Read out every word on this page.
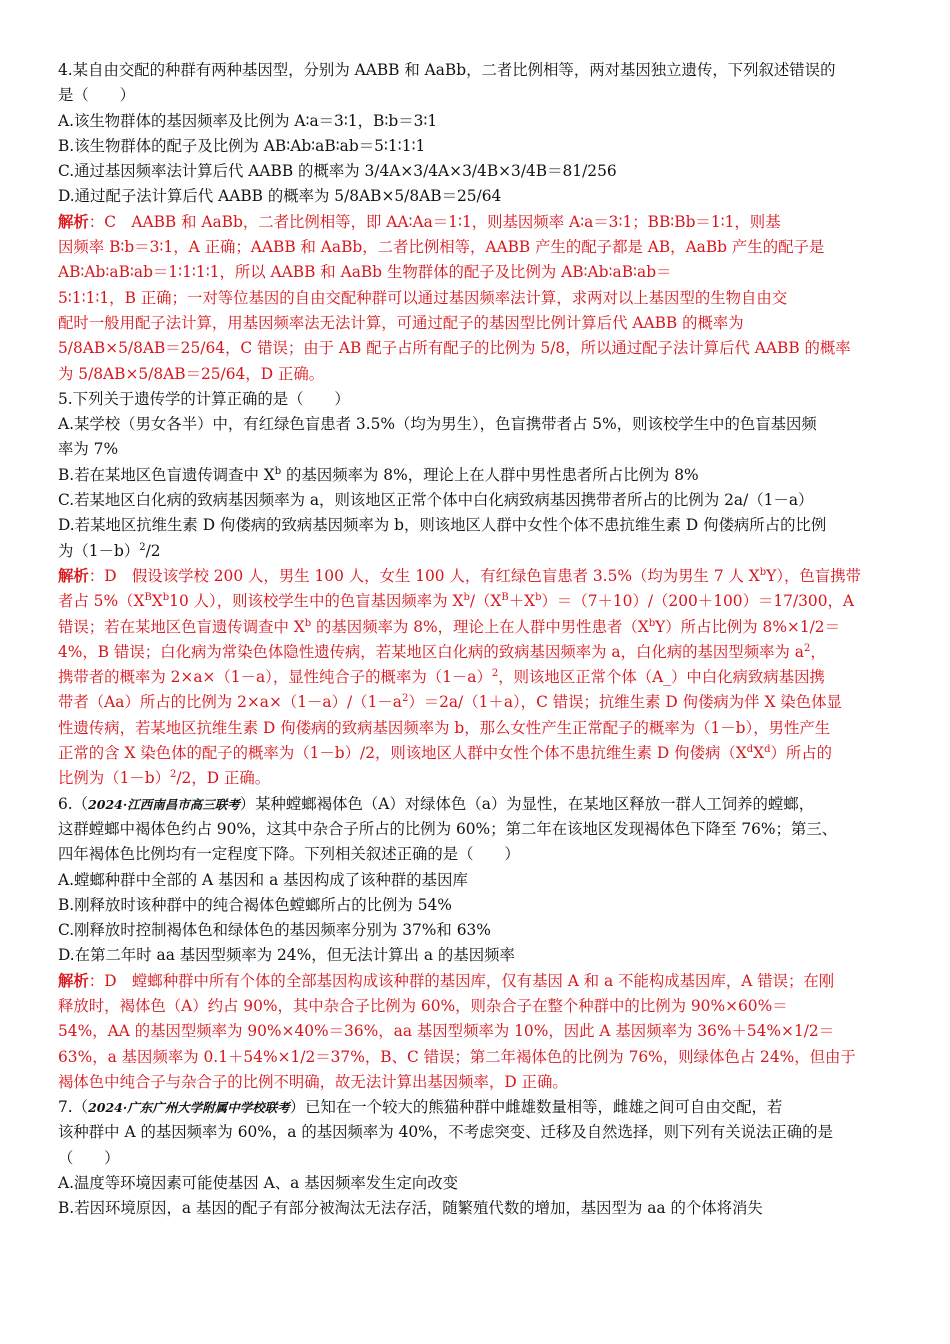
4.某自由交配的种群有两种基因型，分别为 AABB 和 AaBb，二者比例相等，两对基因独立遗传，下列叙述错误的
是（　　）
A.该生物群体的基因频率及比例为 A∶a＝3∶1，B∶b＝3∶1
B.该生物群体的配子及比例为 AB∶Ab∶aB∶ab＝5∶1∶1∶1
C.通过基因频率法计算后代 AABB 的概率为 3/4A×3/4A×3/4B×3/4B＝81/256
D.通过配子法计算后代 AABB 的概率为 5/8AB×5/8AB＝25/64
解析：C　AABB 和 AaBb，二者比例相等，即 AA∶Aa＝1∶1，则基因频率 A∶a＝3∶1；BB∶Bb＝1∶1，则基
因频率 B∶b＝3∶1，A 正确；AABB 和 AaBb，二者比例相等，AABB 产生的配子都是 AB，AaBb 产生的配子是
AB∶Ab∶aB∶ab＝1∶1∶1∶1，所以 AABB 和 AaBb 生物群体的配子及比例为 AB∶Ab∶aB∶ab＝
5∶1∶1∶1，B 正确；一对等位基因的自由交配种群可以通过基因频率法计算，求两对以上基因型的生物自由交
配时一般用配子法计算，用基因频率法无法计算，可通过配子的基因型比例计算后代 AABB 的概率为
5/8AB×5/8AB＝25/64，C 错误；由于 AB 配子占所有配子的比例为 5/8，所以通过配子法计算后代 AABB 的概率
为 5/8AB×5/8AB＝25/64，D 正确。
5.下列关于遗传学的计算正确的是（　　）
A.某学校（男女各半）中，有红绿色盲患者 3.5%（均为男生），色盲携带者占 5%，则该校学生中的色盲基因频
率为 7%
B.若在某地区色盲遗传调查中 $X^b$ 的基因频率为 8%，理论上在人群中男性患者所占比例为 8%
C.若某地区白化病的致病基因频率为 a，则该地区正常个体中白化病致病基因携带者所占的比例为 2a/（1－a）
D.若某地区抗维生素 D 佝偻病的致病基因频率为 b，则该地区人群中女性个体不患抗维生素 D 佝偻病所占的比例
为$(1-b)^2/2$
解析：D　假设该学校 200 人，男生 100 人，女生 100 人，有红绿色盲患者 3.5%（均为男生 7 人 $X^bY$），色盲携带
者占 $5\%(X^BX^b10$ 人），则该校学生中的色盲基因频率为 $X^b/(X^B+X^b)=(7+10)/(200+100)=17/300$，A
错误；若在某地区色盲遗传调查中 $X^b$ 的基因频率为 8%，理论上在人群中男性患者$(X^bY)$所占比例为 8%×1/2＝
4%，B 错误；白化病为常染色体隐性遗传病，若某地区白化病的致病基因频率为 a，白化病的基因型频率为 $a^2$，
携带者的概率为 2×a×（1－a），显性纯合子的概率为$(1-a)^2$，则该地区正常个体（A_）中白化病致病基因携
带者（Aa）所占的比例为 $2\times a\times(1-a)/(1-a^2)=2a/(1+a)$，C 错误；抗维生素 D 佝偻病为伴 X 染色体显
性遗传病，若某地区抗维生素 D 佝偻病的致病基因频率为 b，那么女性产生正常配子的概率为（1－b），男性产生
正常的含 X 染色体的配子的概率为（1－b）/2，则该地区人群中女性个体不患抗维生素 D 佝偻病$(X^dX^d)$所占的
比例为$(1-b)^2/2$，D 正确。
6.（2024·江西南昌市高三联考）某种螳螂褐体色（A）对绿体色（a）为显性，在某地区释放一群人工饲养的螳螂，
这群螳螂中褐体色约占 90%，这其中杂合子所占的比例为 60%；第二年在该地区发现褐体色下降至 76%；第三、
四年褐体色比例均有一定程度下降。下列相关叙述正确的是（　　）
A.螳螂种群中全部的 A 基因和 a 基因构成了该种群的基因库
B.刚释放时该种群中的纯合褐体色螳螂所占的比例为 54%
C.刚释放时控制褐体色和绿体色的基因频率分别为 37%和 63%
D.在第二年时 aa 基因型频率为 24%，但无法计算出 a 的基因频率
解析：D　螳螂种群中所有个体的全部基因构成该种群的基因库，仅有基因 A 和 a 不能构成基因库，A 错误；在刚
释放时，褐体色（A）约占 90%，其中杂合子比例为 60%，则杂合子在整个种群中的比例为 90%×60%＝
54%，AA 的基因型频率为 90%×40%＝36%，aa 基因型频率为 10%，因此 A 基因频率为 36%＋54%×1/2＝
63%，a 基因频率为 0.1＋54%×1/2＝37%，B、C 错误；第二年褐体色的比例为 76%，则绿体色占 24%，但由于
褐体色中纯合子与杂合子的比例不明确，故无法计算出基因频率，D 正确。
7.（2024·广东广州大学附属中学校联考）已知在一个较大的熊猫种群中雌雄数量相等，雌雄之间可自由交配，若
该种群中 A 的基因频率为 60%，a 的基因频率为 40%，不考虑突变、迁移及自然选择，则下列有关说法正确的是
（　　）
A.温度等环境因素可能使基因 A、a 基因频率发生定向改变
B.若因环境原因，a 基因的配子有部分被淘汰无法存活，随繁殖代数的增加，基因型为 aa 的个体将消失
